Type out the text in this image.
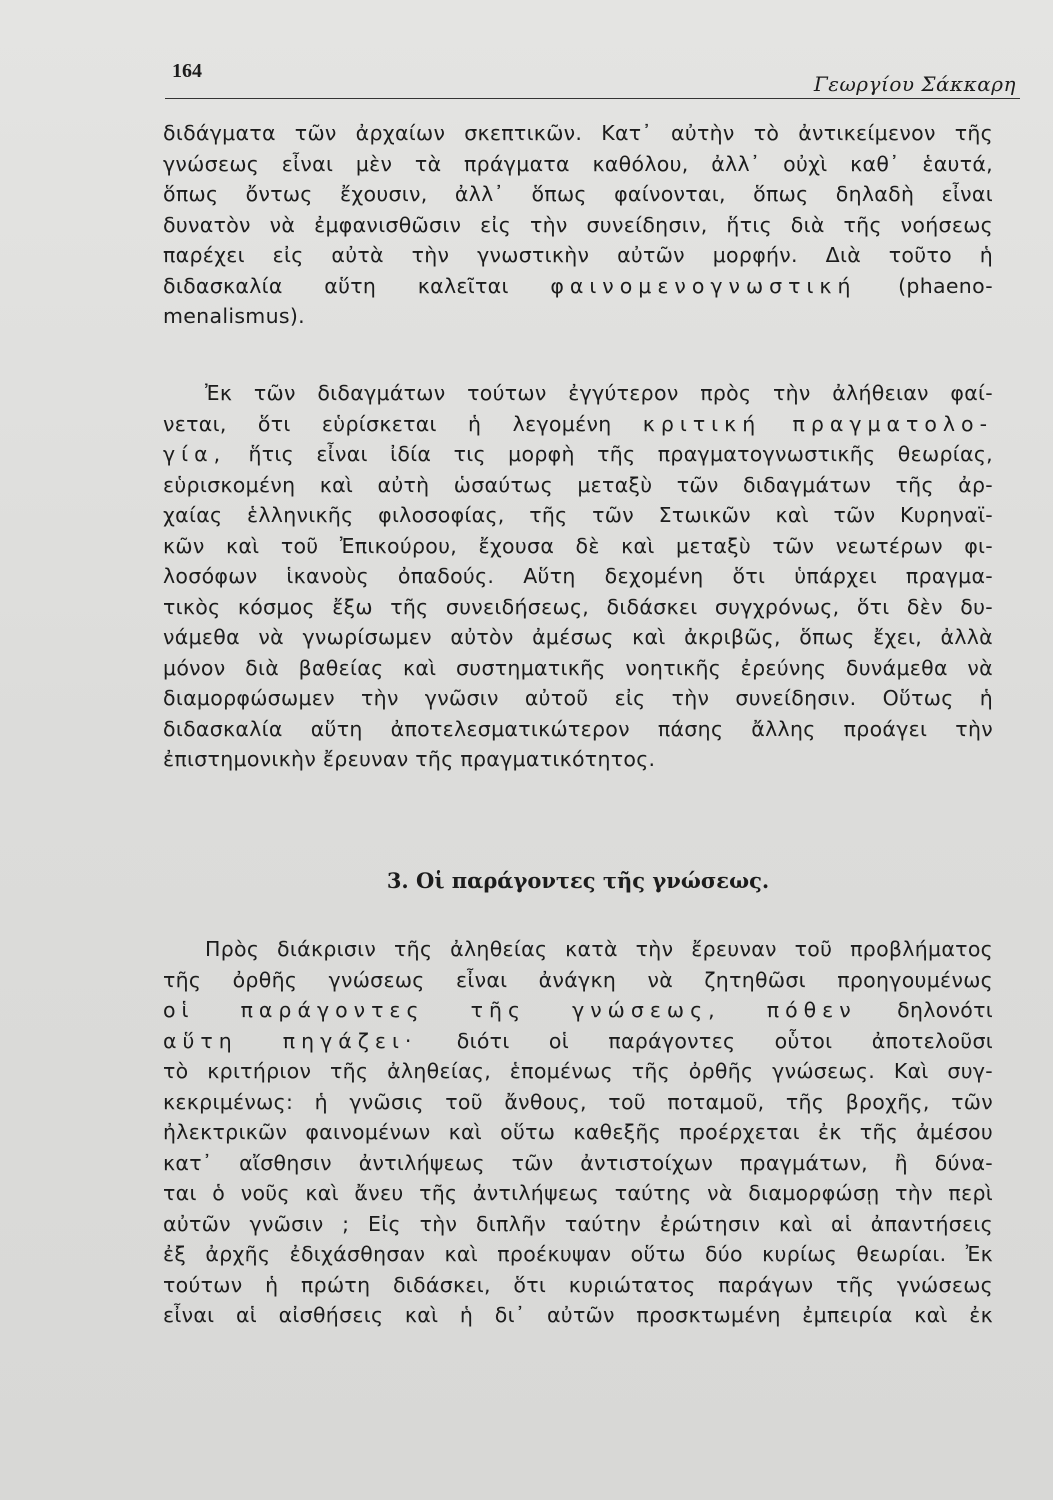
164
Γεωργίου Σάκκαρη
διδάγματα τῶν ἀρχαίων σκεπτικῶν. Κατ᾿ αὐτὴν τὸ ἀντικείμενον τῆς
γνώσεως εἶναι μὲν τὰ πράγματα καθόλου, ἀλλ᾿ οὐχὶ καθ᾿ ἑαυτά,
ὅπως ὄντως ἔχουσιν, ἀλλ᾿ ὅπως φαίνονται, ὅπως δηλαδὴ εἶναι
δυνατὸν νὰ ἐμφανισθῶσιν εἰς τὴν συνείδησιν, ἥτις διὰ τῆς νοήσεως
παρέχει εἰς αὐτὰ τὴν γνωστικὴν αὐτῶν μορφήν. Διὰ τοῦτο ἡ
διδασκαλία αὕτη καλεῖται φαινομενογνωστική (phaeno-
menalismus).
Ἐκ τῶν διδαγμάτων τούτων ἐγγύτερον πρὸς τὴν ἀλήθειαν φαί-
νεται, ὅτι εὑρίσκεται ἡ λεγομένη κριτική πραγματολο-
γία, ἥτις εἶναι ἰδία τις μορφὴ τῆς πραγματογνωστικῆς θεωρίας,
εὑρισκομένη καὶ αὐτὴ ὡσαύτως μεταξὺ τῶν διδαγμάτων τῆς ἀρ-
χαίας ἑλληνικῆς φιλοσοφίας, τῆς τῶν Στωικῶν καὶ τῶν Κυρηναϊ-
κῶν καὶ τοῦ Ἐπικούρου, ἔχουσα δὲ καὶ μεταξὺ τῶν νεωτέρων φι-
λοσόφων ἱκανοὺς ὀπαδούς. Αὕτη δεχομένη ὅτι ὑπάρχει πραγμα-
τικὸς κόσμος ἔξω τῆς συνειδήσεως, διδάσκει συγχρόνως, ὅτι δὲν δυ-
νάμεθα νὰ γνωρίσωμεν αὐτὸν ἀμέσως καὶ ἀκριβῶς, ὅπως ἔχει, ἀλλὰ
μόνον διὰ βαθείας καὶ συστηματικῆς νοητικῆς ἐρεύνης δυνάμεθα νὰ
διαμορφώσωμεν τὴν γνῶσιν αὐτοῦ εἰς τὴν συνείδησιν. Οὕτως ἡ
διδασκαλία αὕτη ἀποτελεσματικώτερον πάσης ἄλλης προάγει τὴν
ἐπιστημονικὴν ἔρευναν τῆς πραγματικότητος.
3. Οἱ παράγοντες τῆς γνώσεως.
Πρὸς διάκρισιν τῆς ἀληθείας κατὰ τὴν ἔρευναν τοῦ προβλήματος
τῆς ὀρθῆς γνώσεως εἶναι ἀνάγκη νὰ ζητηθῶσι προηγουμένως
οἱ παράγοντες τῆς γνώσεως, πόθεν δηλονότι
αὕτη πηγάζει· διότι οἱ παράγοντες οὗτοι ἀποτελοῦσι
τὸ κριτήριον τῆς ἀληθείας, ἑπομένως τῆς ὀρθῆς γνώσεως. Καὶ συγ-
κεκριμένως: ἡ γνῶσις τοῦ ἄνθους, τοῦ ποταμοῦ, τῆς βροχῆς, τῶν
ἠλεκτρικῶν φαινομένων καὶ οὕτω καθεξῆς προέρχεται ἐκ τῆς ἀμέσου
κατ᾿ αἴσθησιν ἀντιλήψεως τῶν ἀντιστοίχων πραγμάτων, ἢ δύνα-
ται ὁ νοῦς καὶ ἄνευ τῆς ἀντιλήψεως ταύτης νὰ διαμορφώσῃ τὴν περὶ
αὐτῶν γνῶσιν ; Εἰς τὴν διπλῆν ταύτην ἐρώτησιν καὶ αἱ ἀπαντήσεις
ἐξ ἀρχῆς ἐδιχάσθησαν καὶ προέκυψαν οὕτω δύο κυρίως θεωρίαι. Ἐκ
τούτων ἡ πρώτη διδάσκει, ὅτι κυριώτατος παράγων τῆς γνώσεως
εἶναι αἱ αἰσθήσεις καὶ ἡ δι᾿ αὐτῶν προσκτωμένη ἐμπειρία καὶ ἐκ
